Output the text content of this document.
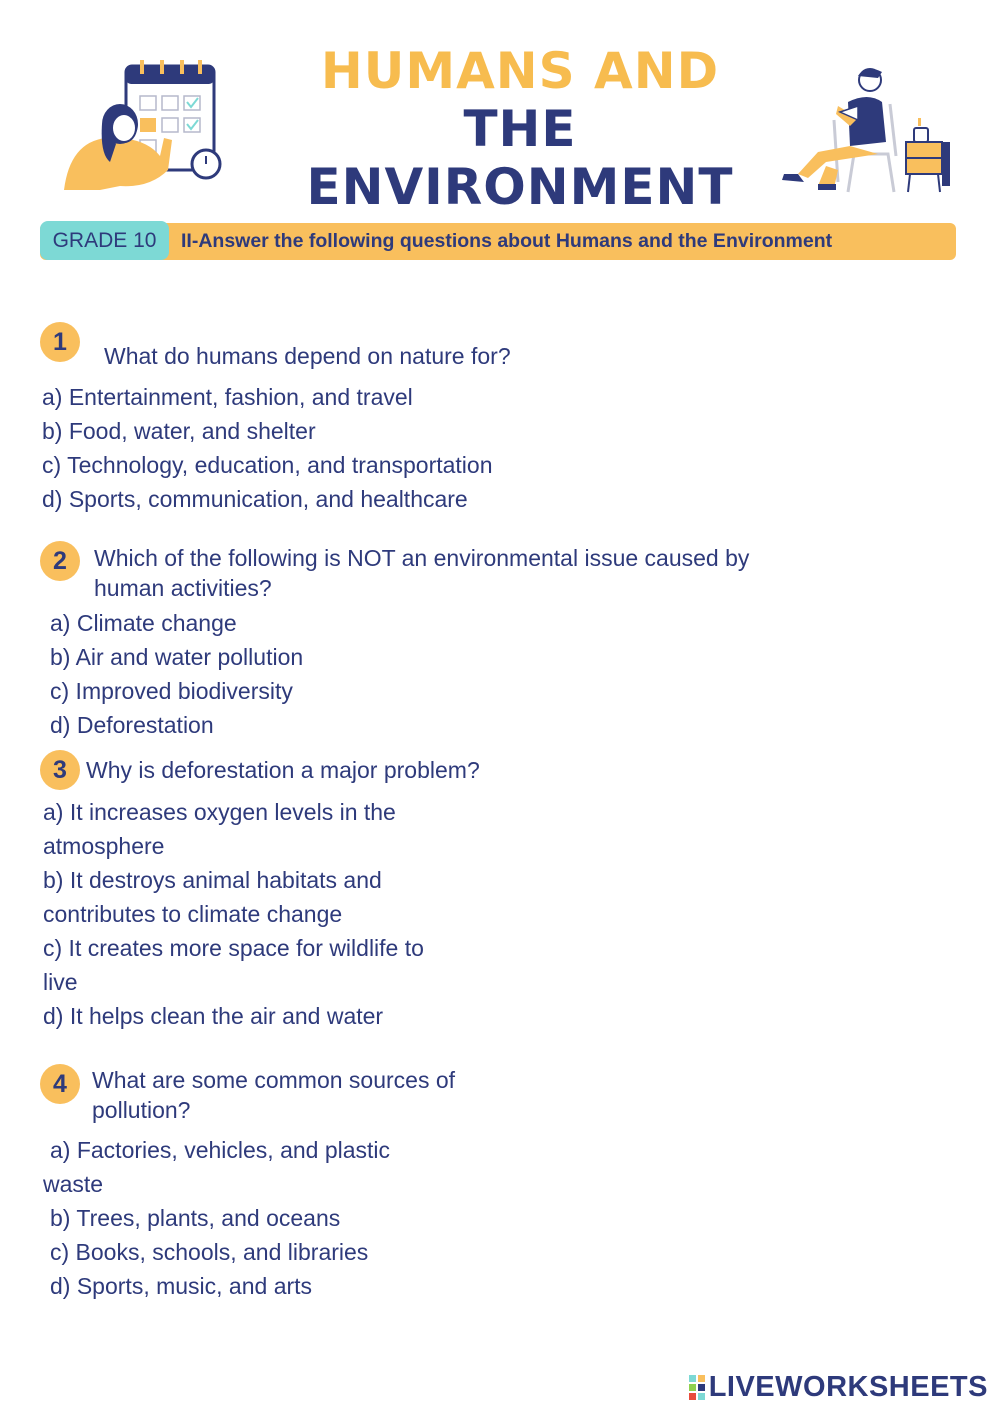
HUMANS AND
THE
ENVIRONMENT
GRADE 10	II-Answer the following questions about Humans and the Environment
1	What do humans depend on nature for?
a) Entertainment, fashion, and travel
b) Food, water, and shelter
c) Technology, education, and transportation
d) Sports, communication, and healthcare
2	Which of the following is NOT an environmental issue caused by
human activities?
a) Climate change
b) Air and water pollution
c) Improved biodiversity
d) Deforestation
3 Why is deforestation a major problem?
a) It increases oxygen levels in the
atmosphere
b) It destroys animal habitats and
contributes to climate change
c) It creates more space for wildlife to
live
d) It helps clean the air and water
4	What are some common sources of
pollution?
a) Factories, vehicles, and plastic
waste
b) Trees, plants, and oceans
c) Books, schools, and libraries
d) Sports, music, and arts
LIVEWORKSHEETS
